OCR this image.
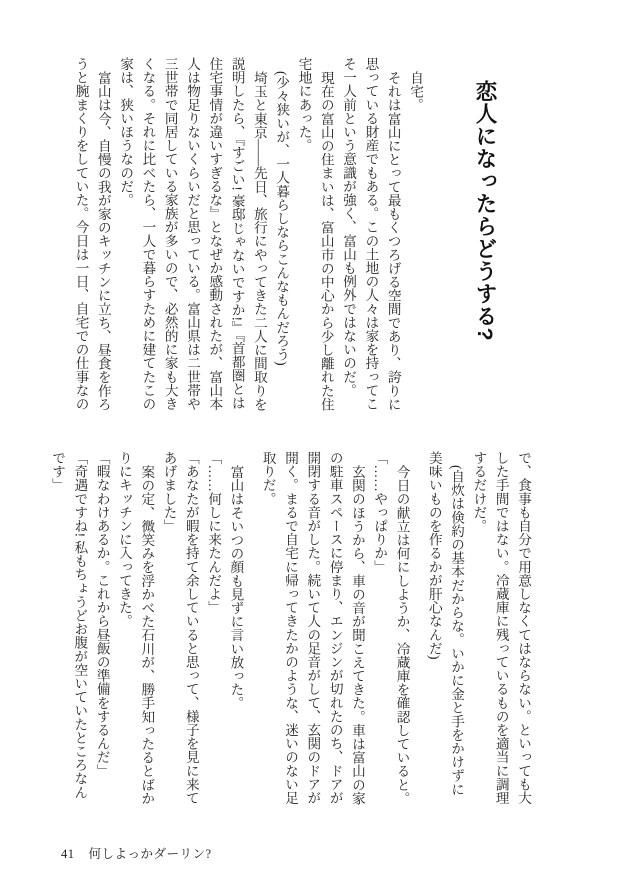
恋人になったらどうする?

自宅。

それは富山にとって最もくつろげる空間であり、誇りに思っている財産でもある。この土地の人々は家を持ってこそ一人前という意識が強く、富山も例外ではないのだ。

現在の富山の住まいは、富山市の中心から少し離れた住宅地にあった。

(少々狭いが、一人暮らしならこんなもんだろう)

埼玉と東京――先日、旅行にやってきた二人に間取りを説明したら、『すごい! 豪邸じゃないですか!』『首都圏とは住宅事情が違いすぎるな』となぜか感動されたが、富山本人は物足りないくらいだと思っている。富山県は二世帯や三世帯で同居している家族が多いので、必然的に家も大きくなる。それに比べたら、一人で暮らすために建てたこの家は、狭いほうなのだ。

富山は今、自慢の我が家のキッチンに立ち、昼食を作ろうと腕まくりをしていた。今日は一日、自宅での仕事なの

で、食事も自分で用意しなくてはならない。といっても大した手間ではない。冷蔵庫に残っているものを適当に調理するだけだ。

(自炊は倹約の基本だからな。いかに金と手をかけずに美味いものを作るかが肝心なんだ)

今日の献立は何にしようか、冷蔵庫を確認していると。

「……やっぱりか」

玄関のほうから、車の音が聞こえてきた。車は富山の家の駐車スペースに停まり、エンジンが切れたのち、ドアが開閉する音がした。続いて人の足音がして、玄関のドアが開く。まるで自宅に帰ってきたかのような、迷いのない足取りだ。

富山はそいつの顔も見ずに言い放った。

「……何しに来たんだよ」

「あなたが暇を持て余していると思って、様子を見に来てあげました」

案の定、微笑みを浮かべた石川が、勝手知ったるとばかりにキッチンに入ってきた。

「暇なわけあるか。これから昼飯の準備をするんだ」

「奇遇ですね! 私もちょうどお腹が空いていたところなんです」

41 何しよっかダーリン?
